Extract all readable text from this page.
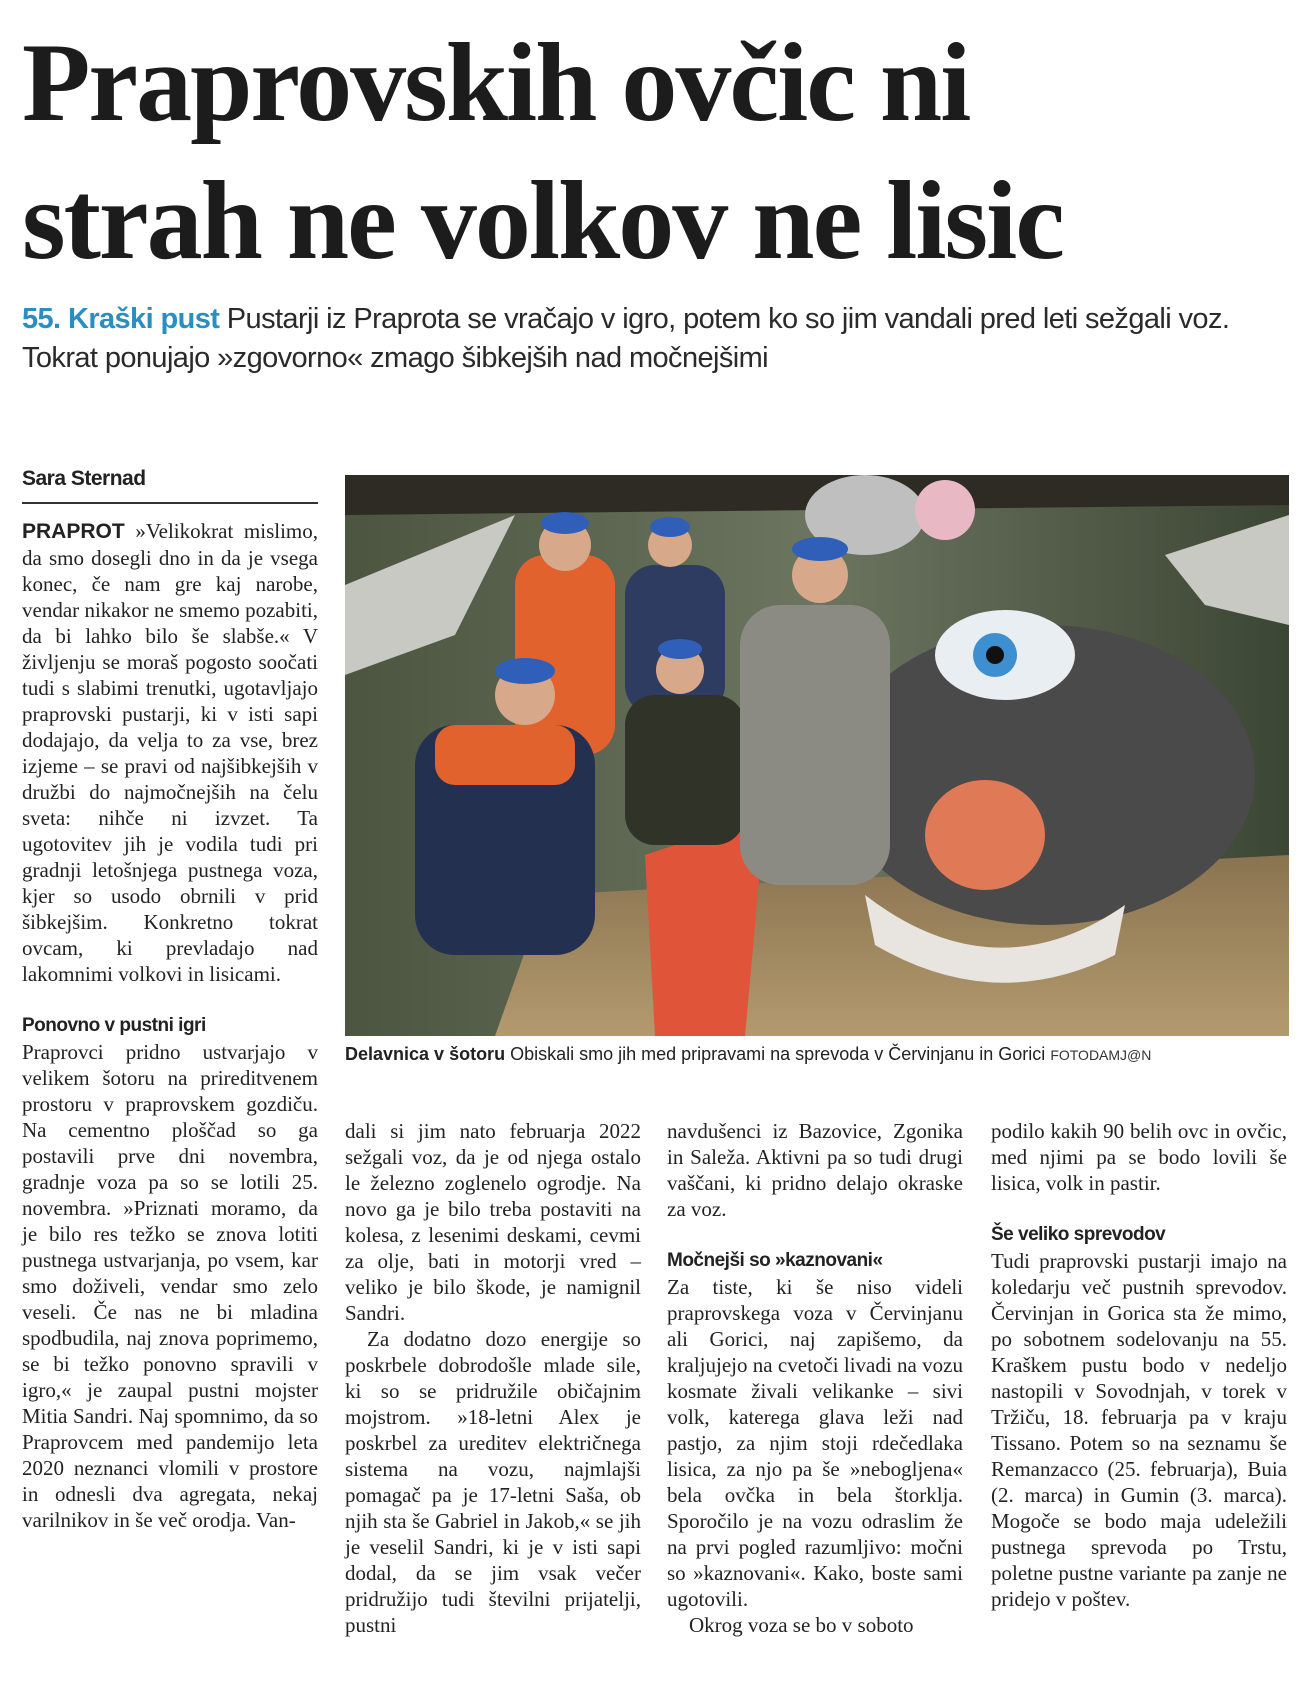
Praprovskih ovčic ni
strah ne volkov ne lisic
55. Kraški pust Pustarji iz Praprota se vračajo v igro, potem ko so jim vandali pred leti sežgali voz. Tokrat ponujajo »zgovorno« zmago šibkejših nad močnejšimi
Sara Sternad

PRAPROT »Velikokrat mislimo, da smo dosegli dno in da je vsega konec, če nam gre kaj narobe, vendar nikakor ne smemo pozabiti, da bi lahko bilo še slabše.« V življenju se moraš pogosto soočati tudi s slabimi trenutki, ugotavljajo praprovski pustarji, ki v isti sapi dodajajo, da velja to za vse, brez izjeme – se pravi od najšibkejših v družbi do najmočnejših na čelu sveta: nihče ni izvzet. Ta ugotovitev jih je vodila tudi pri gradnji letošnjega pustnega voza, kjer so usodo obrnili v prid šibkejšim. Konkretno tokrat ovcam, ki prevladajo nad lakomnimi volkovi in lisicami.

Ponovno v pustni igri

Praprovci pridno ustvarjajo v velikem šotoru na prireditvenem prostoru v praprovskem gozdiču. Na cementno ploščad so ga postavili prve dni novembra, gradnje voza pa so se lotili 25. novembra. »Priznati moramo, da je bilo res težko se znova lotiti pustnega ustvarjanja, po vsem, kar smo doživeli, vendar smo zelo veseli. Če nas ne bi mladina spodbudila, naj znova poprimemo, se bi težko ponovno spravili v igro,« je zaupal pustni mojster Mitia Sandri. Naj spomnimo, da so Praprovcem med pandemijo leta 2020 neznanci vlomili v prostore in odnesli dva agregata, nekaj varilnikov in še več orodja. Van-

Delavnica v šotoru Obiskali smo jih med pripravami na sprevoda v Červinjanu in Gorici FOTODAMJ@N

dali si jim nato februarja 2022 sežgali voz, da je od njega ostalo le železno zoglenelo ogrodje. Na novo ga je bilo treba postaviti na kolesa, z lesenimi deskami, cevmi za olje, bati in motorji vred – veliko je bilo škode, je namignil Sandri.

Za dodatno dozo energije so poskrbele dobrodošle mlade sile, ki so se pridružile običajnim mojstrom. »18-letni Alex je poskrbel za ureditev električnega sistema na vozu, najmlajši pomagač pa je 17-letni Saša, ob njih sta še Gabriel in Jakob,« se jih je veselil Sandri, ki je v isti sapi dodal, da se jim vsak večer pridružijo tudi številni prijatelji, pustni

navdušenci iz Bazovice, Zgonika in Saleža. Aktivni pa so tudi drugi vaščani, ki pridno delajo okraske za voz.

Močnejši so »kaznovani«

Za tiste, ki še niso videli praprovskega voza v Červinjanu ali Gorici, naj zapišemo, da kraljujejo na cvetoči livadi na vozu kosmate živali velikanke – sivi volk, katerega glava leži nad pastjo, za njim stoji rdečedlaka lisica, za njo pa še »nebogljena« bela ovčka in bela štorklja. Sporočilo je na vozu odraslim že na prvi pogled razumljivo: močni so »kaznovani«. Kako, boste sami ugotovili.

Okrog voza se bo v soboto

podilo kakih 90 belih ovc in ovčic, med njimi pa se bodo lovili še lisica, volk in pastir.

Še veliko sprevodov

Tudi praprovski pustarji imajo na koledarju več pustnih sprevodov. Červinjan in Gorica sta že mimo, po sobotnem sodelovanju na 55. Kraškem pustu bodo v nedeljo nastopili v Sovodnjah, v torek v Tržiču, 18. februarja pa v kraju Tissano. Potem so na seznamu še Remanzacco (25. februarja), Buia (2. marca) in Gumin (3. marca). Mogoče se bodo maja udeležili pustnega sprevoda po Trstu, poletne pustne variante pa zanje ne pridejo v poštev.
